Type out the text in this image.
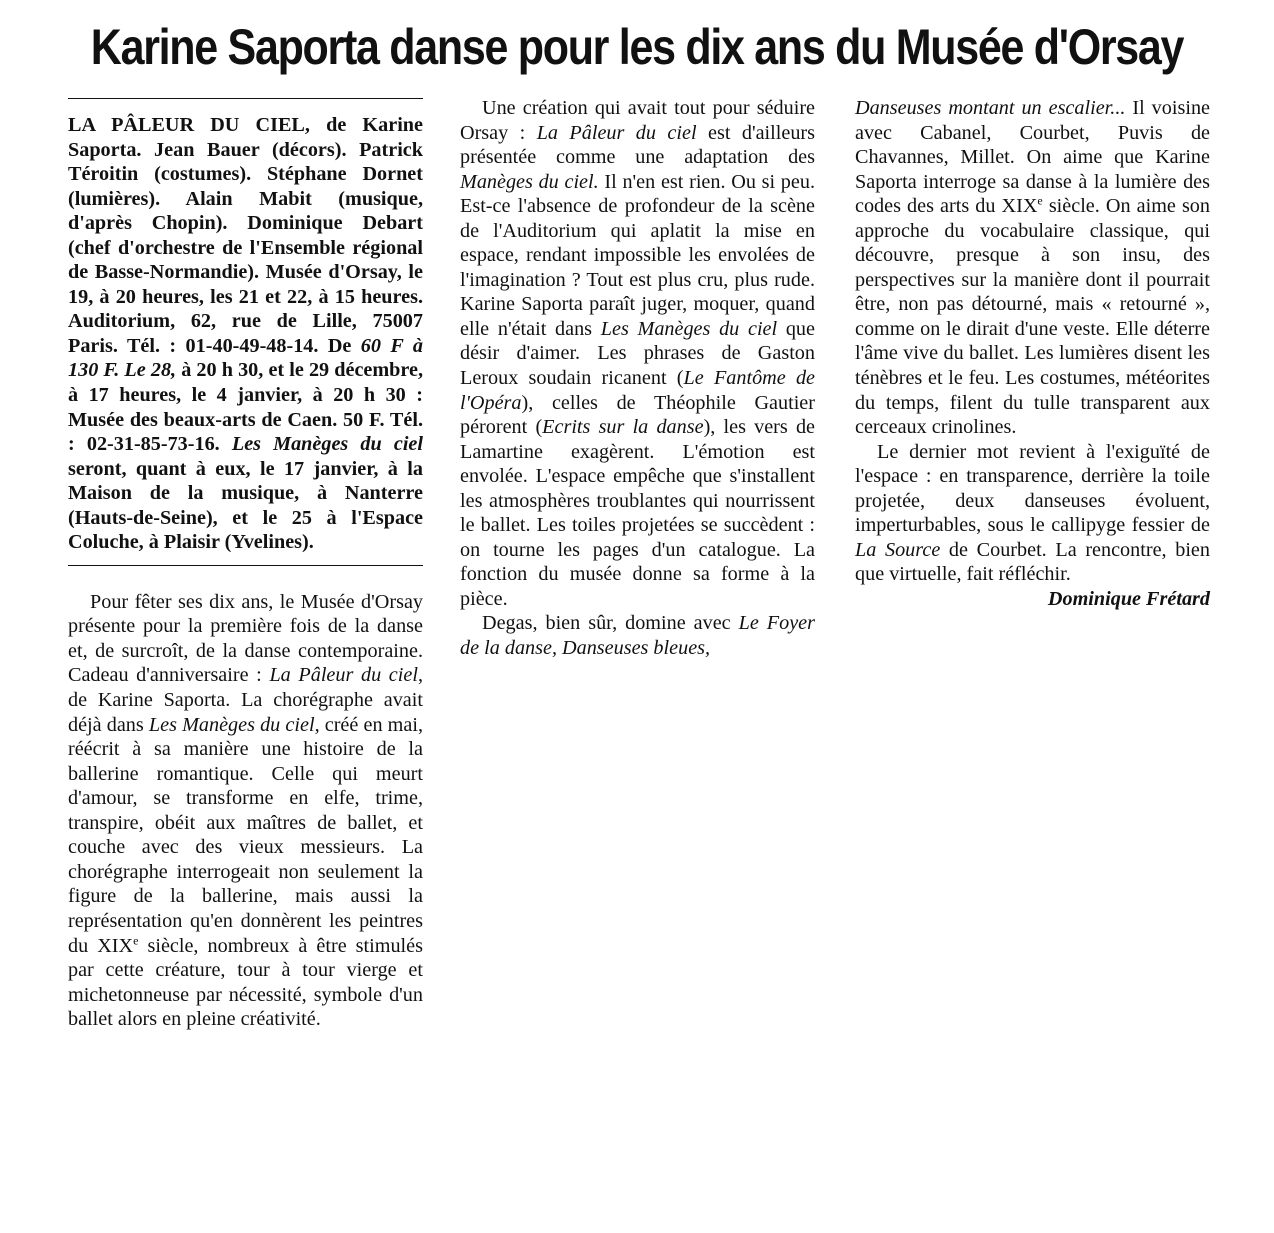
Karine Saporta danse pour les dix ans du Musée d'Orsay

LA PÂLEUR DU CIEL, de Karine Saporta. Jean Bauer (décors). Patrick Téroitin (costumes). Stéphane Dornet (lumières). Alain Mabit (musique, d'après Chopin). Dominique Debart (chef d'orchestre de l'Ensemble régional de Basse-Normandie). Musée d'Orsay, le 19, à 20 heures, les 21 et 22, à 15 heures. Auditorium, 62, rue de Lille, 75007 Paris. Tél. : 01-40-49-48-14. De 60 F à 130 F. Le 28, à 20 h 30, et le 29 décembre, à 17 heures, le 4 janvier, à 20 h 30 : Musée des beaux-arts de Caen. 50 F. Tél. : 02-31-85-73-16. Les Manèges du ciel seront, quant à eux, le 17 janvier, à la Maison de la musique, à Nanterre (Hauts-de-Seine), et le 25 à l'Espace Coluche, à Plaisir (Yvelines).

Pour fêter ses dix ans, le Musée d'Orsay présente pour la première fois de la danse et, de surcroît, de la danse contemporaine. Cadeau d'anniversaire : La Pâleur du ciel, de Karine Saporta. La chorégraphe avait déjà dans Les Manèges du ciel, créé en mai, réécrit à sa manière une histoire de la ballerine romantique. Celle qui meurt d'amour, se transforme en elfe, trime, transpire, obéit aux maîtres de ballet, et couche avec des vieux messieurs. La chorégraphe interrogeait non seulement la figure de la ballerine, mais aussi la représentation qu'en donnèrent les peintres du XIXe siècle, nombreux à être stimulés par cette créature, tour à tour vierge et michetonneuse par nécessité, symbole d'un ballet alors en pleine créativité.

Une création qui avait tout pour séduire Orsay : La Pâleur du ciel est d'ailleurs présentée comme une adaptation des Manèges du ciel. Il n'en est rien. Ou si peu. Est-ce l'absence de profondeur de la scène de l'Auditorium qui aplatit la mise en espace, rendant impossible les envolées de l'imagination ? Tout est plus cru, plus rude. Karine Saporta paraît juger, moquer, quand elle n'était dans Les Manèges du ciel que désir d'aimer. Les phrases de Gaston Leroux soudain ricanent (Le Fantôme de l'Opéra), celles de Théophile Gautier pérorent (Ecrits sur la danse), les vers de Lamartine exagèrent. L'émotion est envolée. L'espace empêche que s'installent les atmosphères troublantes qui nourrissent le ballet. Les toiles projetées se succèdent : on tourne les pages d'un catalogue. La fonction du musée donne sa forme à la pièce.

Degas, bien sûr, domine avec Le Foyer de la danse, Danseuses bleues,

Danseuses montant un escalier... Il voisine avec Cabanel, Courbet, Puvis de Chavannes, Millet. On aime que Karine Saporta interroge sa danse à la lumière des codes des arts du XIXe siècle. On aime son approche du vocabulaire classique, qui découvre, presque à son insu, des perspectives sur la manière dont il pourrait être, non pas détourné, mais « retourné », comme on le dirait d'une veste. Elle déterre l'âme vive du ballet. Les lumières disent les ténèbres et le feu. Les costumes, météorites du temps, filent du tulle transparent aux cerceaux crinolines.

Le dernier mot revient à l'exiguïté de l'espace : en transparence, derrière la toile projetée, deux danseuses évoluent, imperturbables, sous le callipyge fessier de La Source de Courbet. La rencontre, bien que virtuelle, fait réfléchir.

Dominique Frétard
